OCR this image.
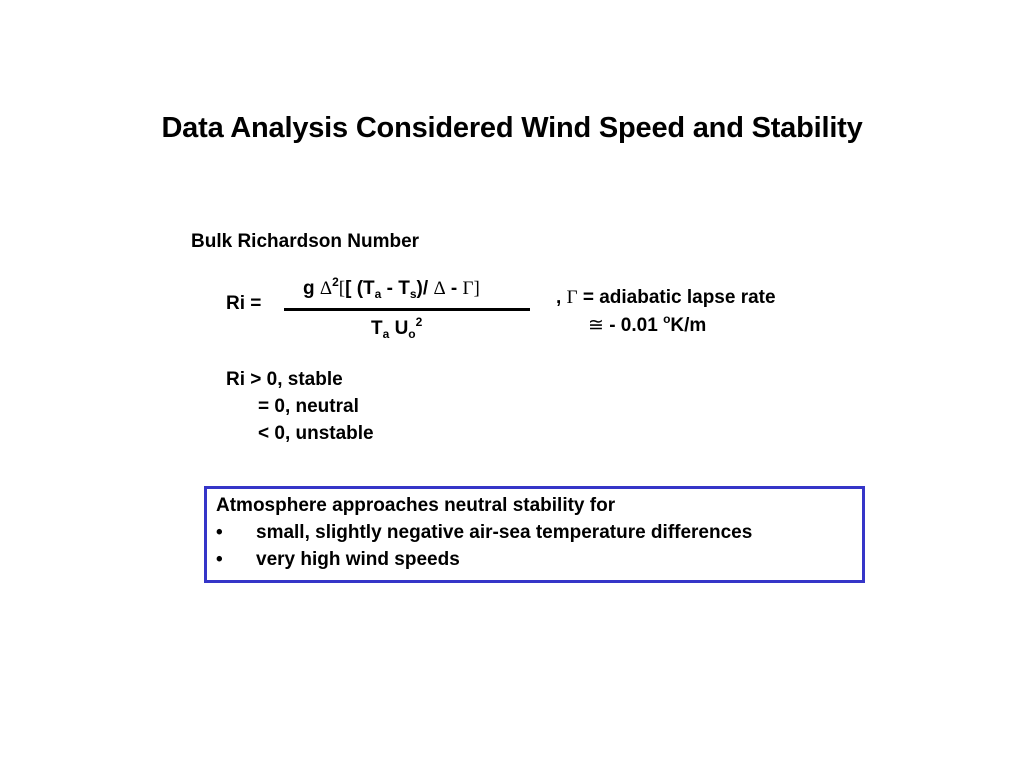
Data Analysis Considered Wind Speed and Stability
Bulk Richardson Number
Ri =
g $\Delta^2$[[ $(T_a - T_s)/$ Δ - Γ]
$T_a$ $U_o^2$
, Γ = adiabatic lapse rate
≅ - 0.01 $^o$K/m
Ri > 0, stable
= 0, neutral
< 0, unstable
Atmosphere approaches neutral stability for
• small, slightly negative air-sea temperature differences
• very high wind speeds
